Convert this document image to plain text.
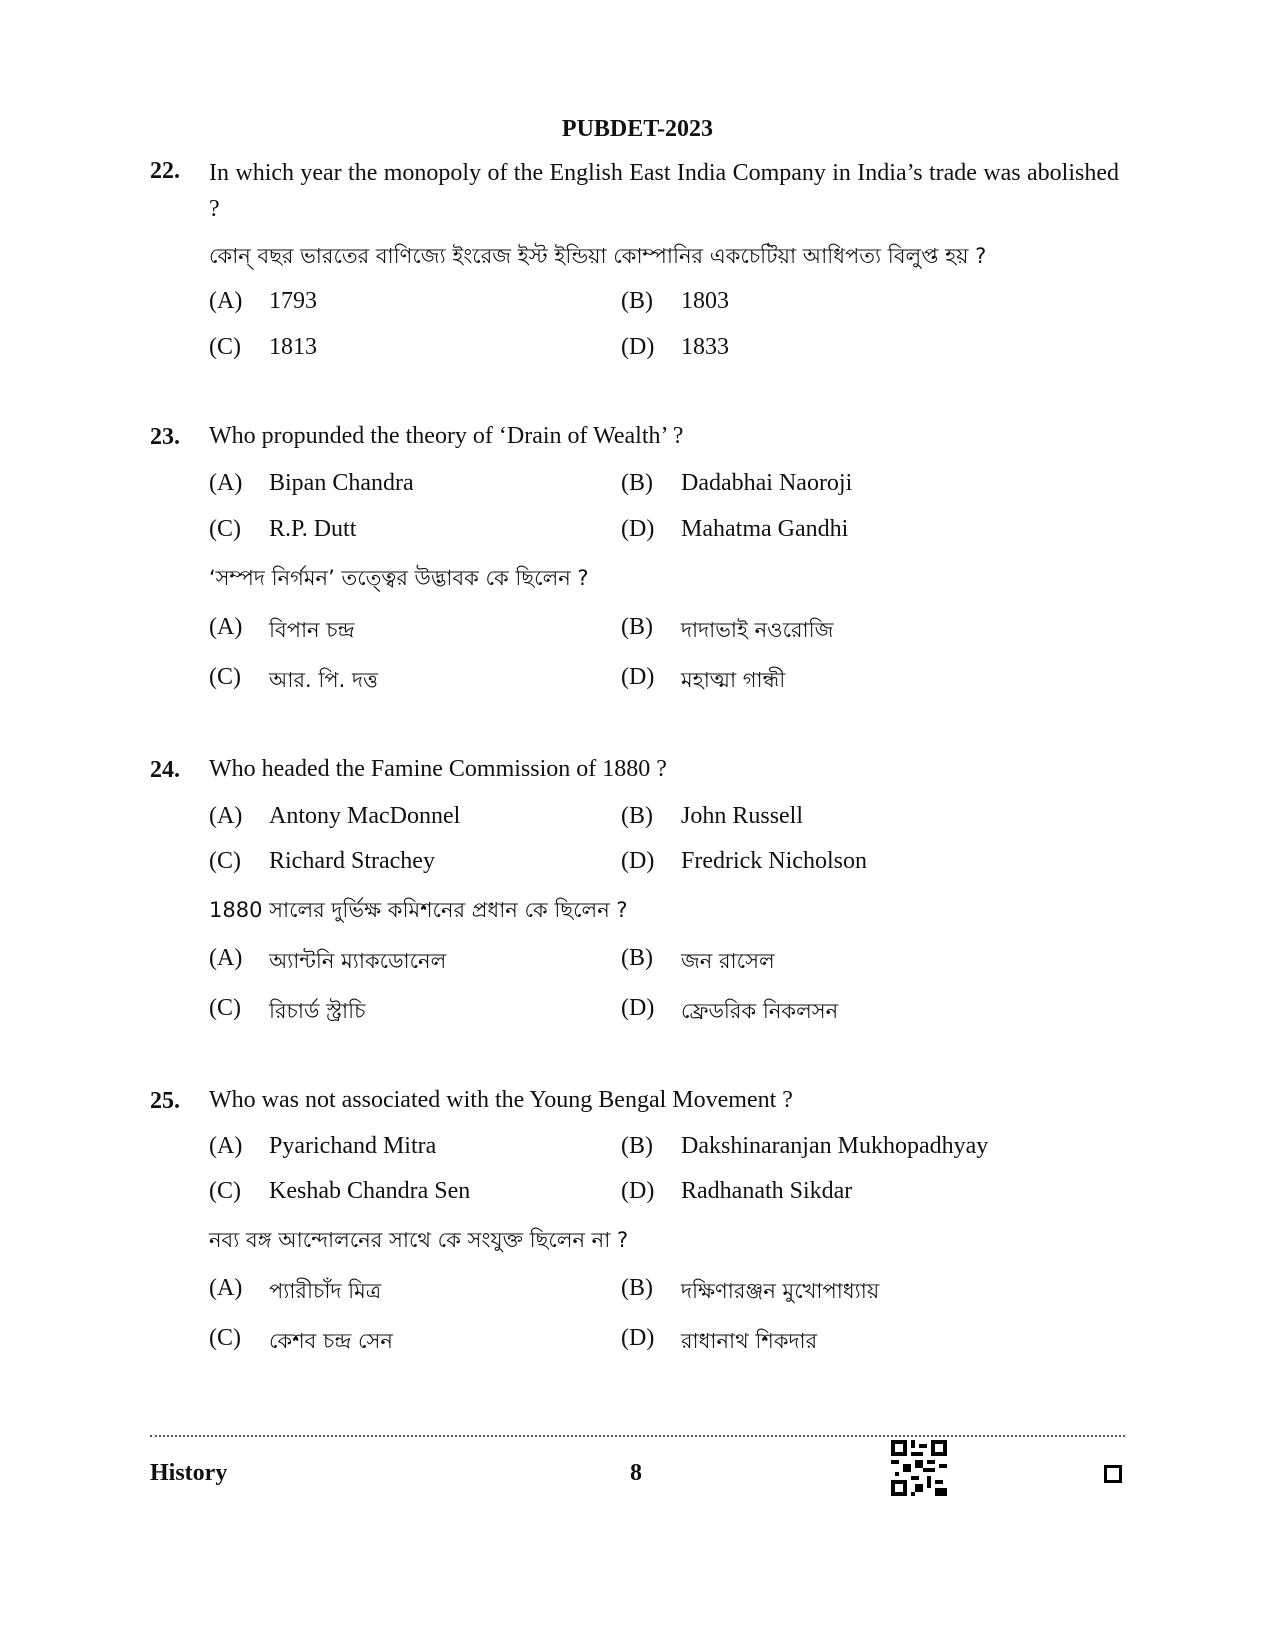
PUBDET-2023
22. In which year the monopoly of the English East India Company in India’s trade was abolished ?
কোন্ বছর ভারতের বাণিজ্যে ইংরেজ ইস্ট ইন্ডিয়া কোম্পানির একচেটিয়া আধিপত্য বিলুপ্ত হয় ?
(A) 1793	(B) 1803
(C) 1813	(D) 1833
23. Who propunded the theory of ‘Drain of Wealth’ ?
(A) Bipan Chandra	(B) Dadabhai Naoroji
(C) R.P. Dutt	(D) Mahatma Gandhi
‘সম্পদ নির্গমন’ তত্ত্বের উদ্ভাবক কে ছিলেন ?
(A) বিপান চন্দ্র	(B) দাদাভাই নওরোজি
(C) আর. পি. দত্ত	(D) মহাত্মা গান্ধী
24. Who headed the Famine Commission of 1880 ?
(A) Antony MacDonnel	(B) John Russell
(C) Richard Strachey	(D) Fredrick Nicholson
1880 সালের দুর্ভিক্ষ কমিশনের প্রধান কে ছিলেন ?
(A) অ্যান্টনি ম্যাকডোনেল	(B) জন রাসেল
(C) রিচার্ড স্ট্রাচি	(D) ফ্রেডরিক নিকলসন
25. Who was not associated with the Young Bengal Movement ?
(A) Pyarichand Mitra	(B) Dakshinaranjan Mukhopadhyay
(C) Keshab Chandra Sen	(D) Radhanath Sikdar
নব্য বঙ্গ আন্দোলনের সাথে কে সংযুক্ত ছিলেন না ?
(A) প্যারীচাঁদ মিত্র	(B) দক্ষিণারঞ্জন মুখোপাধ্যায়
(C) কেশব চন্দ্র সেন	(D) রাধানাথ শিকদার
History	8
